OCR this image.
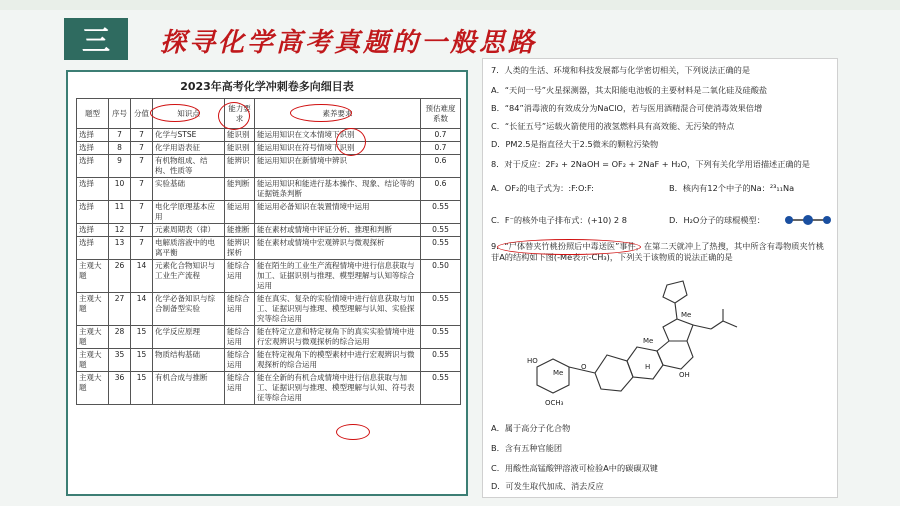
三	探寻化学高考真题的一般思路
2023年高考化学冲刺卷多向细目表
题型	序号	分值	知识点	能力要求	素养要求	预估难度系数
选择	7	7	化学与STSE	能识别	能运用知识在文本情境下识别	0.7
选择	8	7	化学用语表征	能识别	能运用知识在符号情境下识别	0.7
选择	9	7	有机物组成、结构、性质等	能辨识	能运用知识在新情境中辨识	0.6
选择	10	7	实验基础	能判断	能运用知识和能进行基本操作、现象、结论等的证据链条判断	0.6
选择	11	7	电化学原理基本应用	能运用	能运用必备知识在装置情境中运用	0.55
选择	12	7	元素周期表（律）	能推断	能在素材或情境中评证分析、推理和判断	0.55
选择	13	7	电解质溶液中的电离平衡	能辨识探析	能在素材或情境中宏观辨识与微观探析	0.55
主观大题	26	14	元素化合物知识与工业生产流程	能综合运用	能在陌生的工业生产流程情境中进行信息获取与加工、证据识别与推理、模型理解与认知等综合运用	0.50
主观大题	27	14	化学必备知识与综合制备型实验	能综合运用	能在真实、复杂的实验情境中进行信息获取与加工、证据识别与推理、模型理解与认知、实验探究等综合运用	0.55
主观大题	28	15	化学反应原理	能综合运用	能在特定立意和特定视角下的真实实验情境中进行宏观辨识与微观探析的综合运用	0.55
主观大题	35	15	物质结构基础	能综合运用	能在特定视角下的模型素材中进行宏观辨识与微观探析的综合运用	0.55
主观大题	36	15	有机合成与推断	能综合运用	能在全新的有机合成情境中进行信息获取与加工、证据识别与推理、模型理解与认知、符号表征等综合运用	0.55
7．人类的生活、环境和科技发展都与化学密切相关，下列说法正确的是
A．“天问一号”火星探测器，其太阳能电池板的主要材料是二氧化硅及硅酸盐
B．“84”消毒液的有效成分为NaClO，若与医用酒精混合可使消毒效果倍增
C．“长征五号”运载火箭使用的液氢燃料具有高效能、无污染的特点
D．PM2.5是指直径大于2.5微米的颗粒污染物
8．对于反应：2F₂ + 2NaOH = OF₂ + 2NaF + H₂O，下列有关化学用语描述正确的是
A．OF₂的电子式为：:F:O:F:	B．核内有12个中子的Na：²³₁₁Na
C．F⁻的核外电子排布式：(+10) 2 8	D．H₂O分子的球棍模型：
9．“尸体替夹竹桃扮照后中毒送医”事件，在第二天就冲上了热搜，其中所含有毒物质夹竹桃苷A的结构如下图(-Me表示-CH₃)，下列关于该物质的说法正确的是
Me
Me
H
OH
OCH₃
HO
Me
O
A．属于高分子化合物
B．含有五种官能团
C．用酸性高锰酸钾溶液可检验A中的碳碳双键
D．可发生取代加成、消去反应
